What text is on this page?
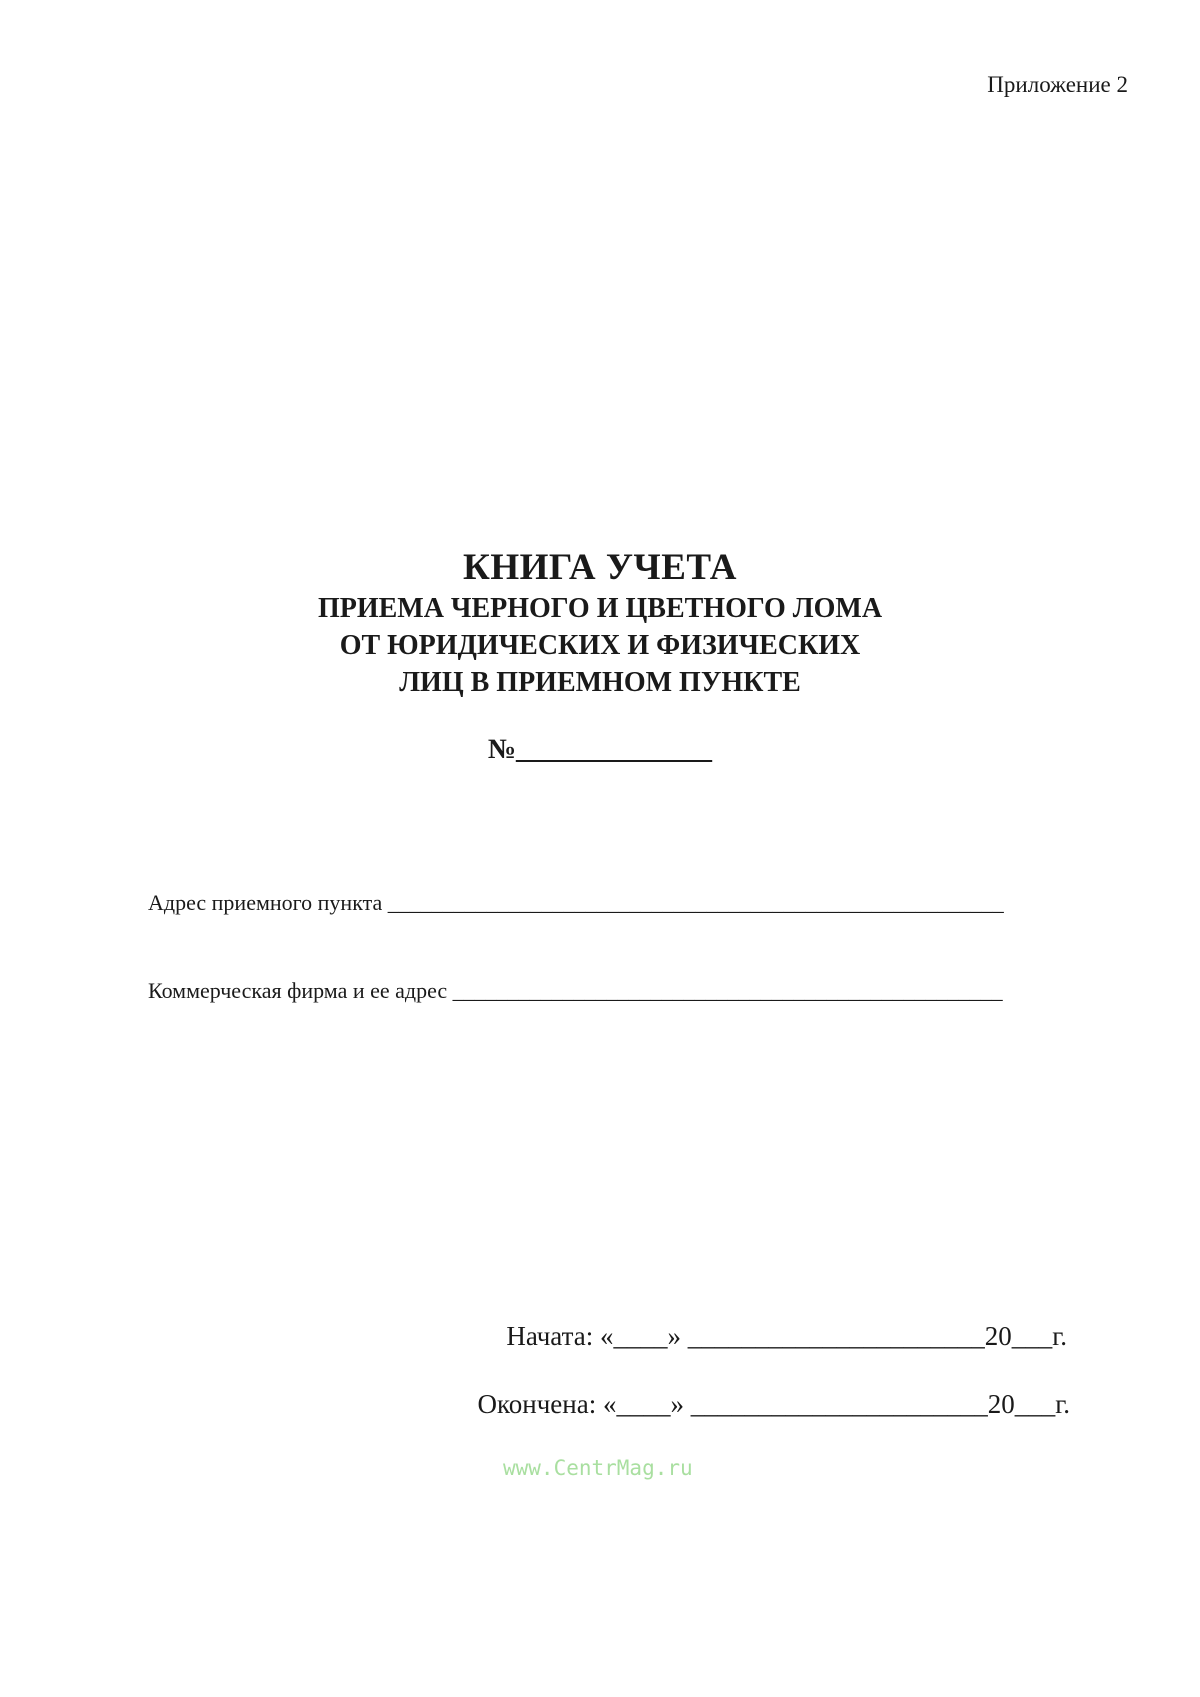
Приложение 2
КНИГА УЧЕТА
ПРИЕМА ЧЕРНОГО И ЦВЕТНОГО ЛОМА
ОТ ЮРИДИЧЕСКИХ И ФИЗИЧЕСКИХ
ЛИЦ В ПРИЕМНОМ ПУНКТЕ
№______________
Адрес приемного пункта ________________________________________________________
Коммерческая фирма и ее адрес __________________________________________________
Начата: «____» ______________________20___г.
Окончена: «____» ______________________20___г.
www.CentrMag.ru
